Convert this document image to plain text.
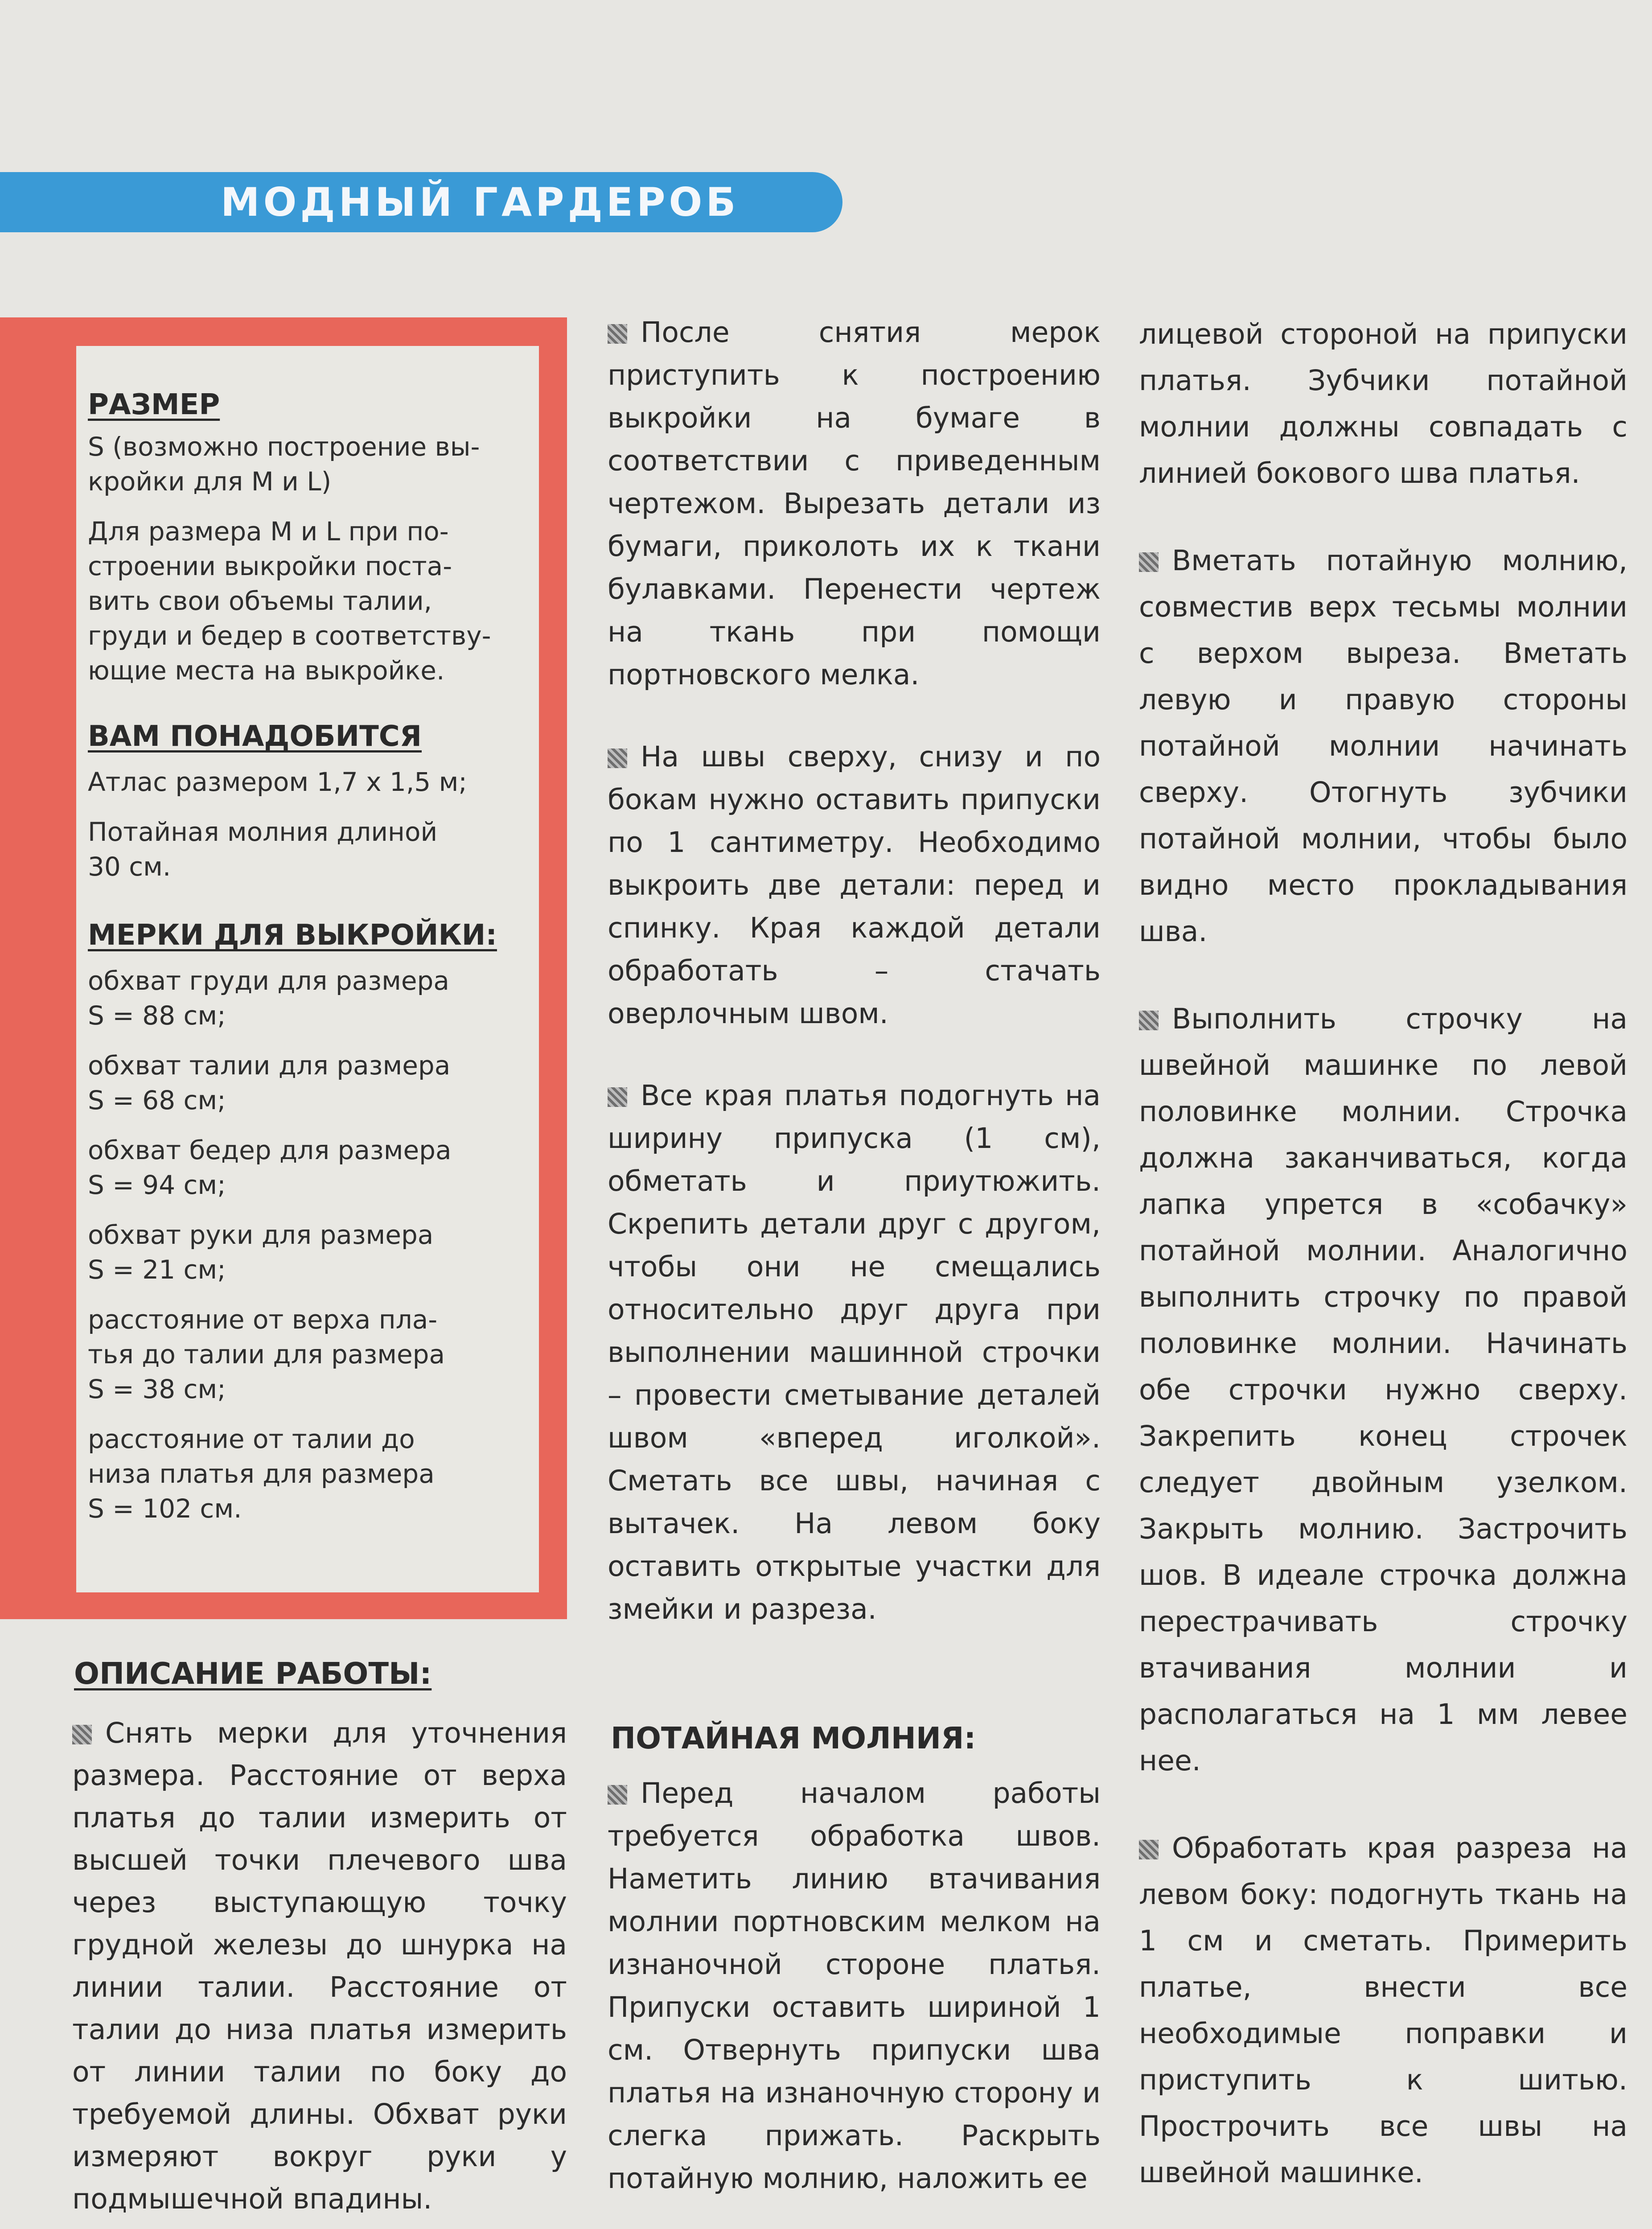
МОДНЫЙ ГАРДЕРОБ
РАЗМЕР

S (возможно построение вы-

кройки для M и L)

Для размера M и L при по-

строении выкройки поста-

вить свои объемы талии,

груди и бедер в соответству-

ющие места на выкройке.

ВАМ ПОНАДОБИТСЯ

Атлас размером 1,7 х 1,5 м;

Потайная молния длиной

30 см.

МЕРКИ ДЛЯ ВЫКРОЙКИ:

обхват груди для размера

S = 88 см;

обхват талии для размера

S = 68 см;

обхват бедер для размера

S = 94 см;

обхват руки для размера

S = 21 см;

расстояние от верха пла-

тья до талии для размера

S = 38 см;

расстояние от талии до

низа платья для размера

S = 102 см.

ОПИСАНИЕ РАБОТЫ:

Снять мерки для уточнения размера. Расстояние от верха платья до талии измерить от высшей точки плечевого шва через выступающую точку грудной железы до шнурка на линии талии. Расстояние от талии до низа платья измерить от линии талии по боку до требуемой длины. Обхват руки измеряют вокруг руки у подмышечной впадины.

После снятия мерок приступить к построению выкройки на бумаге в соответствии с приведенным чертежом. Вырезать детали из бумаги, приколоть их к ткани булавками. Перенести чертеж на ткань при помощи портновского мелка.

На швы сверху, снизу и по бокам нужно оставить припуски по 1 сантиметру. Необходимо выкроить две детали: перед и спинку. Края каждой детали обработать – стачать оверлочным швом.

Все края платья подогнуть на ширину припуска (1 см), обметать и приутюжить. Скрепить детали друг с другом, чтобы они не смещались относительно друг друга при выполнении машинной строчки – провести сметывание деталей швом «вперед иголкой». Сметать все швы, начиная с вытачек. На левом боку оставить открытые участки для змейки и разреза.

ПОТАЙНАЯ МОЛНИЯ:

Перед началом работы требуется обработка швов. Наметить линию втачивания молнии портновским мелком на изнаночной стороне платья. Припуски оставить шириной 1 см. Отвернуть припуски шва платья на изнаночную сторону и слегка прижать. Раскрыть потайную молнию, наложить ее

лицевой стороной на припуски платья. Зубчики потайной молнии должны совпадать с линией бокового шва платья.

Вметать потайную молнию, совместив верх тесьмы молнии с верхом выреза. Вметать левую и правую стороны потайной молнии начинать сверху. Отогнуть зубчики потайной молнии, чтобы было видно место прокладывания шва.

Выполнить строчку на швейной машинке по левой половинке молнии. Строчка должна заканчиваться, когда лапка упрется в «собачку» потайной молнии. Аналогично выполнить строчку по правой половинке молнии. Начинать обе строчки нужно сверху. Закрепить конец строчек следует двойным узелком. Закрыть молнию. Застрочить шов. В идеале строчка должна перестрачивать строчку втачивания молнии и располагаться на 1 мм левее нее.

Обработать края разреза на левом боку: подогнуть ткань на 1 см и сметать. Примерить платье, внести все необходимые поправки и приступить к шитью. Прострочить все швы на швейной машинке.
